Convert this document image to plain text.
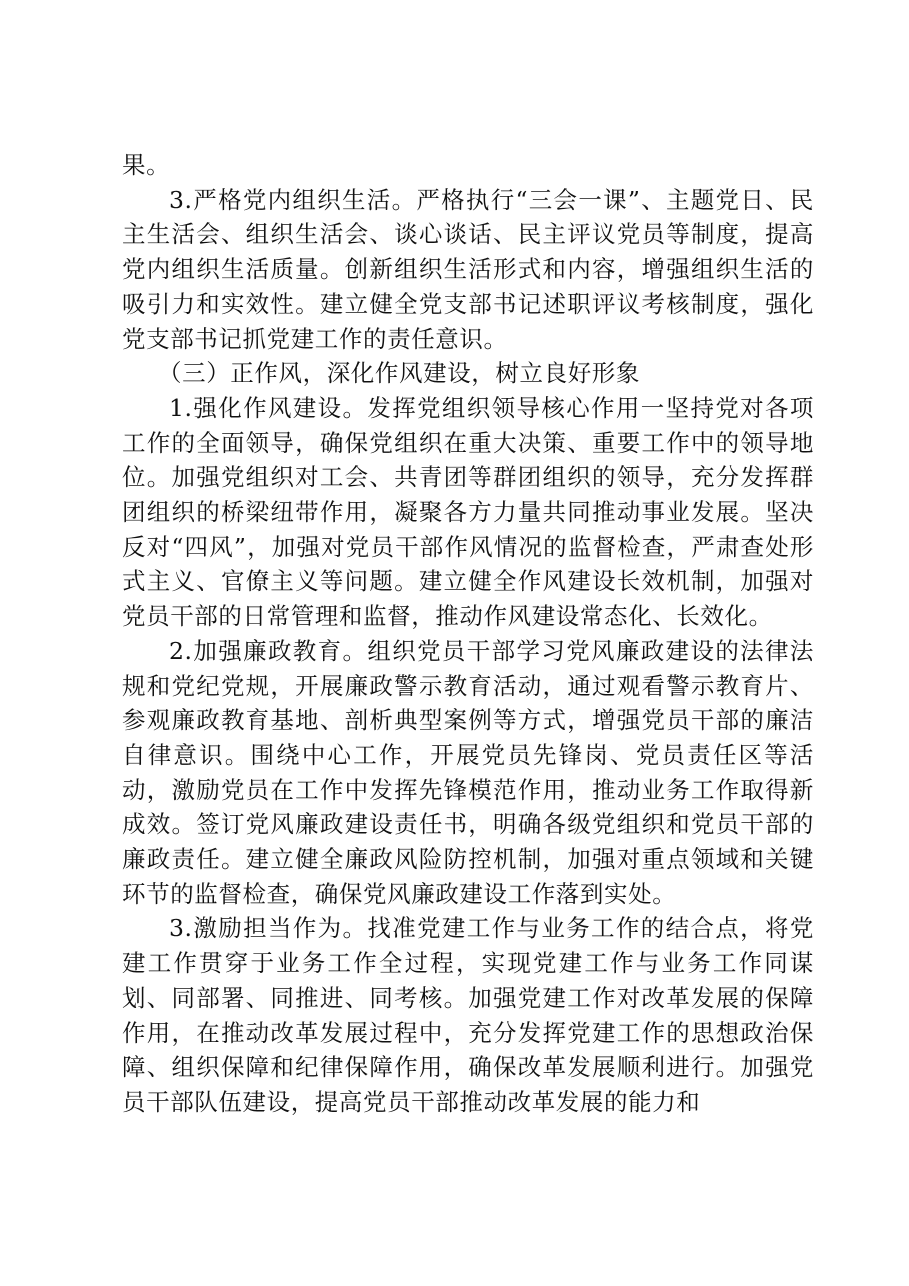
果。

3.严格党内组织生活。严格执行“三会一课”、主题党日、民主生活会、组织生活会、谈心谈话、民主评议党员等制度，提高党内组织生活质量。创新组织生活形式和内容，增强组织生活的吸引力和实效性。建立健全党支部书记述职评议考核制度，强化党支部书记抓党建工作的责任意识。

（三）正作风，深化作风建设，树立良好形象

1.强化作风建设。发挥党组织领导核心作用一坚持党对各项工作的全面领导，确保党组织在重大决策、重要工作中的领导地位。加强党组织对工会、共青团等群团组织的领导，充分发挥群团组织的桥梁纽带作用，凝聚各方力量共同推动事业发展。坚决反对“四风”，加强对党员干部作风情况的监督检查，严肃查处形式主义、官僚主义等问题。建立健全作风建设长效机制，加强对党员干部的日常管理和监督，推动作风建设常态化、长效化。

2.加强廉政教育。组织党员干部学习党风廉政建设的法律法规和党纪党规，开展廉政警示教育活动，通过观看警示教育片、参观廉政教育基地、剖析典型案例等方式，增强党员干部的廉洁自律意识。围绕中心工作，开展党员先锋岗、党员责任区等活动，激励党员在工作中发挥先锋模范作用，推动业务工作取得新成效。签订党风廉政建设责任书，明确各级党组织和党员干部的廉政责任。建立健全廉政风险防控机制，加强对重点领域和关键环节的监督检查，确保党风廉政建设工作落到实处。

3.激励担当作为。找准党建工作与业务工作的结合点，将党建工作贯穿于业务工作全过程，实现党建工作与业务工作同谋划、同部署、同推进、同考核。加强党建工作对改革发展的保障作用，在推动改革发展过程中，充分发挥党建工作的思想政治保障、组织保障和纪律保障作用，确保改革发展顺利进行。加强党员干部队伍建设，提高党员干部推动改革发展的能力和
